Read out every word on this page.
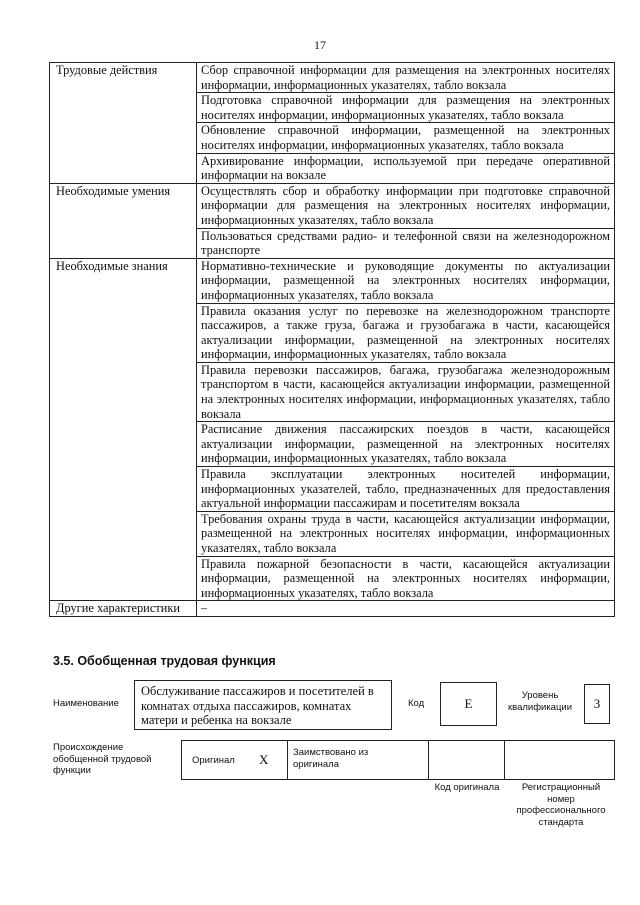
17
Трудовые действия	Сбор справочной информации для размещения на электронных носителях информации, информационных указателях, табло вокзала
	Подготовка справочной информации для размещения на электронных носителях информации, информационных указателях, табло вокзала
	Обновление справочной информации, размещенной на электронных носителях информации, информационных указателях, табло вокзала
	Архивирование информации, используемой при передаче оперативной информации на вокзале
Необходимые умения	Осуществлять сбор и обработку информации при подготовке справочной информации для размещения на электронных носителях информации, информационных указателях, табло вокзала
	Пользоваться средствами радио- и телефонной связи на железнодорожном транспорте
Необходимые знания	Нормативно-технические и руководящие документы по актуализации информации, размещенной на электронных носителях информации, информационных указателях, табло вокзала
	Правила оказания услуг по перевозке на железнодорожном транспорте пассажиров, а также груза, багажа и грузобагажа в части, касающейся актуализации информации, размещенной на электронных носителях информации, информационных указателях, табло вокзала
	Правила перевозки пассажиров, багажа, грузобагажа железнодорожным транспортом в части, касающейся актуализации информации, размещенной на электронных носителях информации, информационных указателях, табло вокзала
	Расписание движения пассажирских поездов в части, касающейся актуализации информации, размещенной на электронных носителях информации, информационных указателях, табло вокзала
	Правила эксплуатации электронных носителей информации, информационных указателей, табло, предназначенных для предоставления актуальной информации пассажирам и посетителям вокзала
	Требования охраны труда в части, касающейся актуализации информации, размещенной на электронных носителях информации, информационных указателях, табло вокзала
	Правила пожарной безопасности в части, касающейся актуализации информации, размещенной на электронных носителях информации, информационных указателях, табло вокзала
Другие характеристики	–
3.5. Обобщенная трудовая функция
Наименование
Обслуживание пассажиров и посетителей в комнатах отдыха пассажиров, комнатах матери и ребенка на вокзале
Код	E
Уровень квалификации	3
Происхождение обобщенной трудовой функции
Оригинал X	Заимствовано из оригинала
Код оригинала	Регистрационный номер профессионального стандарта
